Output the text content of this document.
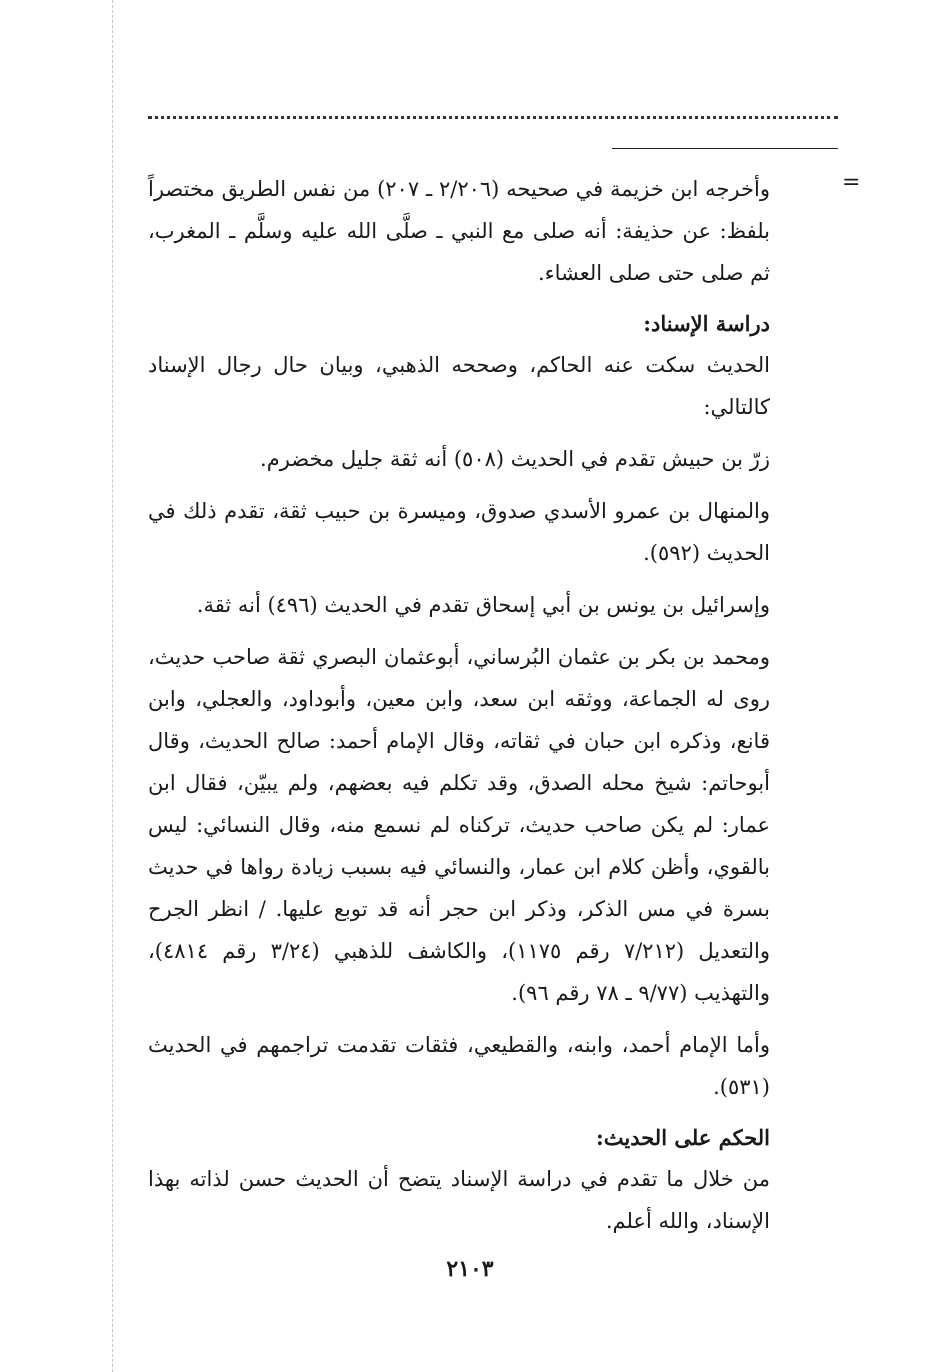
=

وأخرجه ابن خزيمة في صحيحه (٢/٢٠٦ ـ ٢٠٧) من نفس الطريق مختصراً بلفظ: عن حذيفة: أنه صلى مع النبي ـ صلَّى الله عليه وسلَّم ـ المغرب، ثم صلى حتى صلى العشاء.

دراسة الإسناد:

الحديث سكت عنه الحاكم، وصححه الذهبي، وبيان حال رجال الإسناد كالتالي:

زرّ بن حبيش تقدم في الحديث (٥٠٨) أنه ثقة جليل مخضرم.

والمنهال بن عمرو الأسدي صدوق، وميسرة بن حبيب ثقة، تقدم ذلك في الحديث (٥٩٢).

وإسرائيل بن يونس بن أبي إسحاق تقدم في الحديث (٤٩٦) أنه ثقة.

ومحمد بن بكر بن عثمان البُرساني، أبوعثمان البصري ثقة صاحب حديث، روى له الجماعة، ووثقه ابن سعد، وابن معين، وأبوداود، والعجلي، وابن قانع، وذكره ابن حبان في ثقاته، وقال الإمام أحمد: صالح الحديث، وقال أبوحاتم: شيخ محله الصدق، وقد تكلم فيه بعضهم، ولم يبيّن، فقال ابن عمار: لم يكن صاحب حديث، تركناه لم نسمع منه، وقال النسائي: ليس بالقوي، وأظن كلام ابن عمار، والنسائي فيه بسبب زيادة رواها في حديث بسرة في مس الذكر، وذكر ابن حجر أنه قد توبع عليها. / انظر الجرح والتعديل (٧/٢١٢ رقم ١١٧٥)، والكاشف للذهبي (٣/٢٤ رقم ٤٨١٤)، والتهذيب (٩/٧٧ ـ ٧٨ رقم ٩٦).

وأما الإمام أحمد، وابنه، والقطيعي، فثقات تقدمت تراجمهم في الحديث (٥٣١).

الحكم على الحديث:

من خلال ما تقدم في دراسة الإسناد يتضح أن الحديث حسن لذاته بهذا الإسناد، والله أعلم.

٢١٠٣
